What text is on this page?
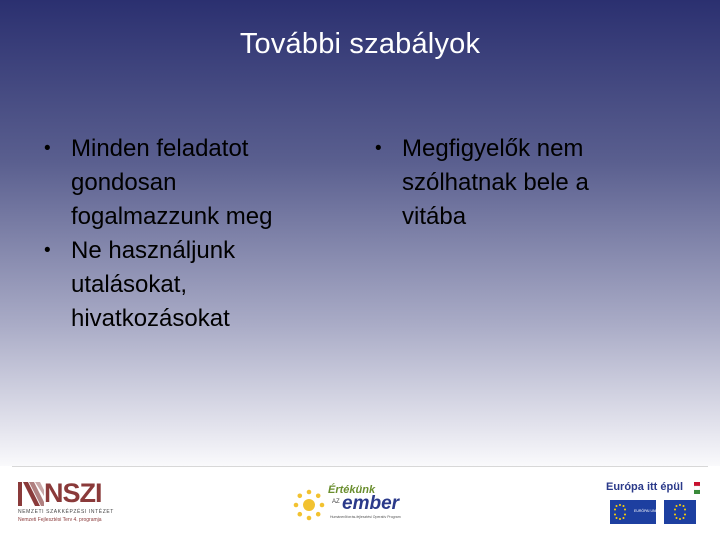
További szabályok
• Minden feladatot
gondosan
fogalmazzunk meg
• Ne használjunk
utalásokat,
hivatkozásokat
• Megfigyelők nem
szólhatnak bele a
vitába
NSZI
NEMZETI SZAKKÉPZÉSI INTÉZET
Nemzeti Fejlesztési Terv 4. programja
Értékünk
AZ ember
Humánerőforrás-fejlesztési Operatív Program
Európa itt épül
EURÓPAI UNIÓ
